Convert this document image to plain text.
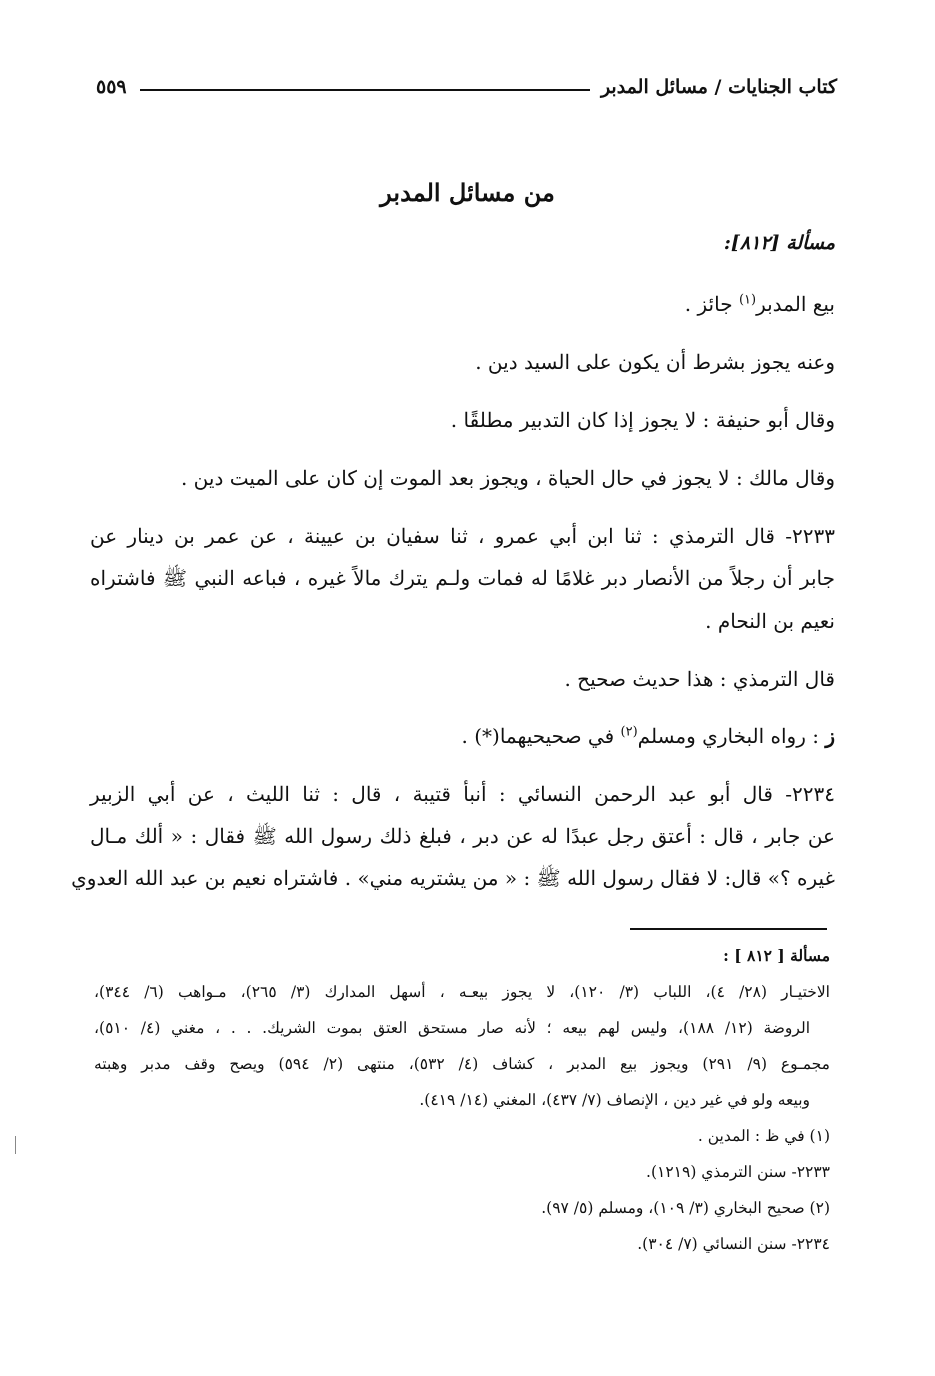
كتاب الجنايات / مسائل المدبر
٥٥٩
من مسائل المدبر
مسألة [٨١٢]:
بيع المدبر$^{(١)}$ جائز .
وعنه يجوز بشرط أن يكون على السيد دين .
وقال أبو حنيفة : لا يجوز إذا كان التدبير مطلقًا .
وقال مالك : لا يجوز في حال الحياة ، ويجوز بعد الموت إن كان على الميت دين .
٢٢٣٣- قال الترمذي : ثنا ابن أبي عمرو ، ثنا سفيان بن عيينة ، عن عمر بن دينار عن
جابر أن رجلاً من الأنصار دبر غلامًا له فمات ولـم يترك مالاً غيره ، فباعه النبي ﷺ فاشتراه
نعيم بن النحام .
قال الترمذي : هذا حديث صحيح .
ز : رواه البخاري ومسلم$^{(٢)}$ في صحيحيهما(*) .
٢٢٣٤- قال أبو عبد الرحمن النسائي : أنبأ قتيبة ، قال : ثنا الليث ، عن أبي الزبير
عن جابر ، قال : أعتق رجل عبدًا له عن دبر ، فبلغ ذلك رسول الله ﷺ فقال : « ألك مـال
غيره ؟» قال: لا فقال رسول الله ﷺ : « من يشتريه مني» . فاشتراه نعيم بن عبد الله العدوي
مسألة [ ٨١٢ ] :
الاختيـار (٢٨/ ٤)، اللباب (٣/ ١٢٠)، لا يجوز بيعـه ، أسهل المدارك (٣/ ٢٦٥)، مـواهب (٦/ ٣٤٤)،
الروضة (١٢/ ١٨٨)، وليس لهم بيعه ؛ لأنه صار مستحق العتق بموت الشريك. . . ، مغني (٤/ ٥١٠)،
مجمـوع (٩/ ٢٩١) ويجوز بيع المدبر ، كشاف (٤/ ٥٣٢)، منتهى (٢/ ٥٩٤) ويصح وقف مدبر وهبته
وبيعه ولو في غير دين ، الإنصاف (٧/ ٤٣٧)، المغني (١٤/ ٤١٩).
(١) في ظ : المدين .
٢٢٣٣- سنن الترمذي (١٢١٩).
(٢) صحيح البخاري (٣/ ١٠٩)، ومسلم (٥/ ٩٧).
٢٢٣٤- سنن النسائي (٧/ ٣٠٤).
